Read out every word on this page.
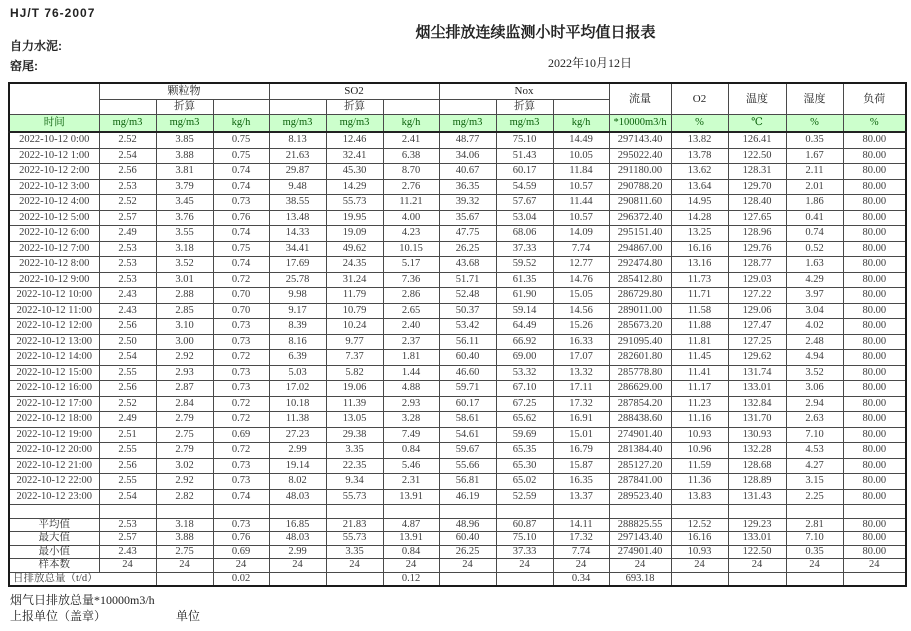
HJ/T 76-2007
烟尘排放连续监测小时平均值日报表
自力水泥:
窑尾:	2022年10月12日
	颗粒物			SO2			Nox			流量	O2	温度	湿度	负荷
		折算			折算			折算						
时间	mg/m3	mg/m3	kg/h	mg/m3	mg/m3	kg/h	mg/m3	mg/m3	kg/h	*10000m3/h	%	℃	%	%
2022-10-12 0:00	2.52	3.85	0.75	8.13	12.46	2.41	48.77	75.10	14.49	297143.40	13.82	126.41	0.35	80.00
2022-10-12 1:00	2.54	3.88	0.75	21.63	32.41	6.38	34.06	51.43	10.05	295022.40	13.78	122.50	1.67	80.00
2022-10-12 2:00	2.56	3.81	0.74	29.87	45.30	8.70	40.67	60.17	11.84	291180.00	13.62	128.31	2.11	80.00
2022-10-12 3:00	2.53	3.79	0.74	9.48	14.29	2.76	36.35	54.59	10.57	290788.20	13.64	129.70	2.01	80.00
2022-10-12 4:00	2.52	3.45	0.73	38.55	55.73	11.21	39.32	57.67	11.44	290811.60	14.95	128.40	1.86	80.00
2022-10-12 5:00	2.57	3.76	0.76	13.48	19.95	4.00	35.67	53.04	10.57	296372.40	14.28	127.65	0.41	80.00
2022-10-12 6:00	2.49	3.55	0.74	14.33	19.09	4.23	47.75	68.06	14.09	295151.40	13.25	128.96	0.74	80.00
2022-10-12 7:00	2.53	3.18	0.75	34.41	49.62	10.15	26.25	37.33	7.74	294867.00	16.16	129.76	0.52	80.00
2022-10-12 8:00	2.53	3.52	0.74	17.69	24.35	5.17	43.68	59.52	12.77	292474.80	13.16	128.77	1.63	80.00
2022-10-12 9:00	2.53	3.01	0.72	25.78	31.24	7.36	51.71	61.35	14.76	285412.80	11.73	129.03	4.29	80.00
2022-10-12 10:00	2.43	2.88	0.70	9.98	11.79	2.86	52.48	61.90	15.05	286729.80	11.71	127.22	3.97	80.00
2022-10-12 11:00	2.43	2.85	0.70	9.17	10.79	2.65	50.37	59.14	14.56	289011.00	11.58	129.06	3.04	80.00
2022-10-12 12:00	2.56	3.10	0.73	8.39	10.24	2.40	53.42	64.49	15.26	285673.20	11.88	127.47	4.02	80.00
2022-10-12 13:00	2.50	3.00	0.73	8.16	9.77	2.37	56.11	66.92	16.33	291095.40	11.81	127.25	2.48	80.00
2022-10-12 14:00	2.54	2.92	0.72	6.39	7.37	1.81	60.40	69.00	17.07	282601.80	11.45	129.62	4.94	80.00
2022-10-12 15:00	2.55	2.93	0.73	5.03	5.82	1.44	46.60	53.32	13.32	285778.80	11.41	131.74	3.52	80.00
2022-10-12 16:00	2.56	2.87	0.73	17.02	19.06	4.88	59.71	67.10	17.11	286629.00	11.17	133.01	3.06	80.00
2022-10-12 17:00	2.52	2.84	0.72	10.18	11.39	2.93	60.17	67.25	17.32	287854.20	11.23	132.84	2.94	80.00
2022-10-12 18:00	2.49	2.79	0.72	11.38	13.05	3.28	58.61	65.62	16.91	288438.60	11.16	131.70	2.63	80.00
2022-10-12 19:00	2.51	2.75	0.69	27.23	29.38	7.49	54.61	59.69	15.01	274901.40	10.93	130.93	7.10	80.00
2022-10-12 20:00	2.55	2.79	0.72	2.99	3.35	0.84	59.67	65.35	16.79	281384.40	10.96	132.28	4.53	80.00
2022-10-12 21:00	2.56	3.02	0.73	19.14	22.35	5.46	55.66	65.30	15.87	285127.20	11.59	128.68	4.27	80.00
2022-10-12 22:00	2.55	2.92	0.73	8.02	9.34	2.31	56.81	65.02	16.35	287841.00	11.36	128.89	3.15	80.00
2022-10-12 23:00	2.54	2.82	0.74	48.03	55.73	13.91	46.19	52.59	13.37	289523.40	13.83	131.43	2.25	80.00

平均值	2.53	3.18	0.73	16.85	21.83	4.87	48.96	60.87	14.11	288825.55	12.52	129.23	2.81	80.00
最大值	2.57	3.88	0.76	48.03	55.73	13.91	60.40	75.10	17.32	297143.40	16.16	133.01	7.10	80.00
最小值	2.43	2.75	0.69	2.99	3.35	0.84	26.25	37.33	7.74	274901.40	10.93	122.50	0.35	80.00
样本数	24	24	24	24	24	24	24	24	24	24	24	24	24	24
日排放总量（t/d）			0.02			0.12			0.34	693.18				
烟气日排放总量*10000m3/h
上报单位（盖章）	单位
